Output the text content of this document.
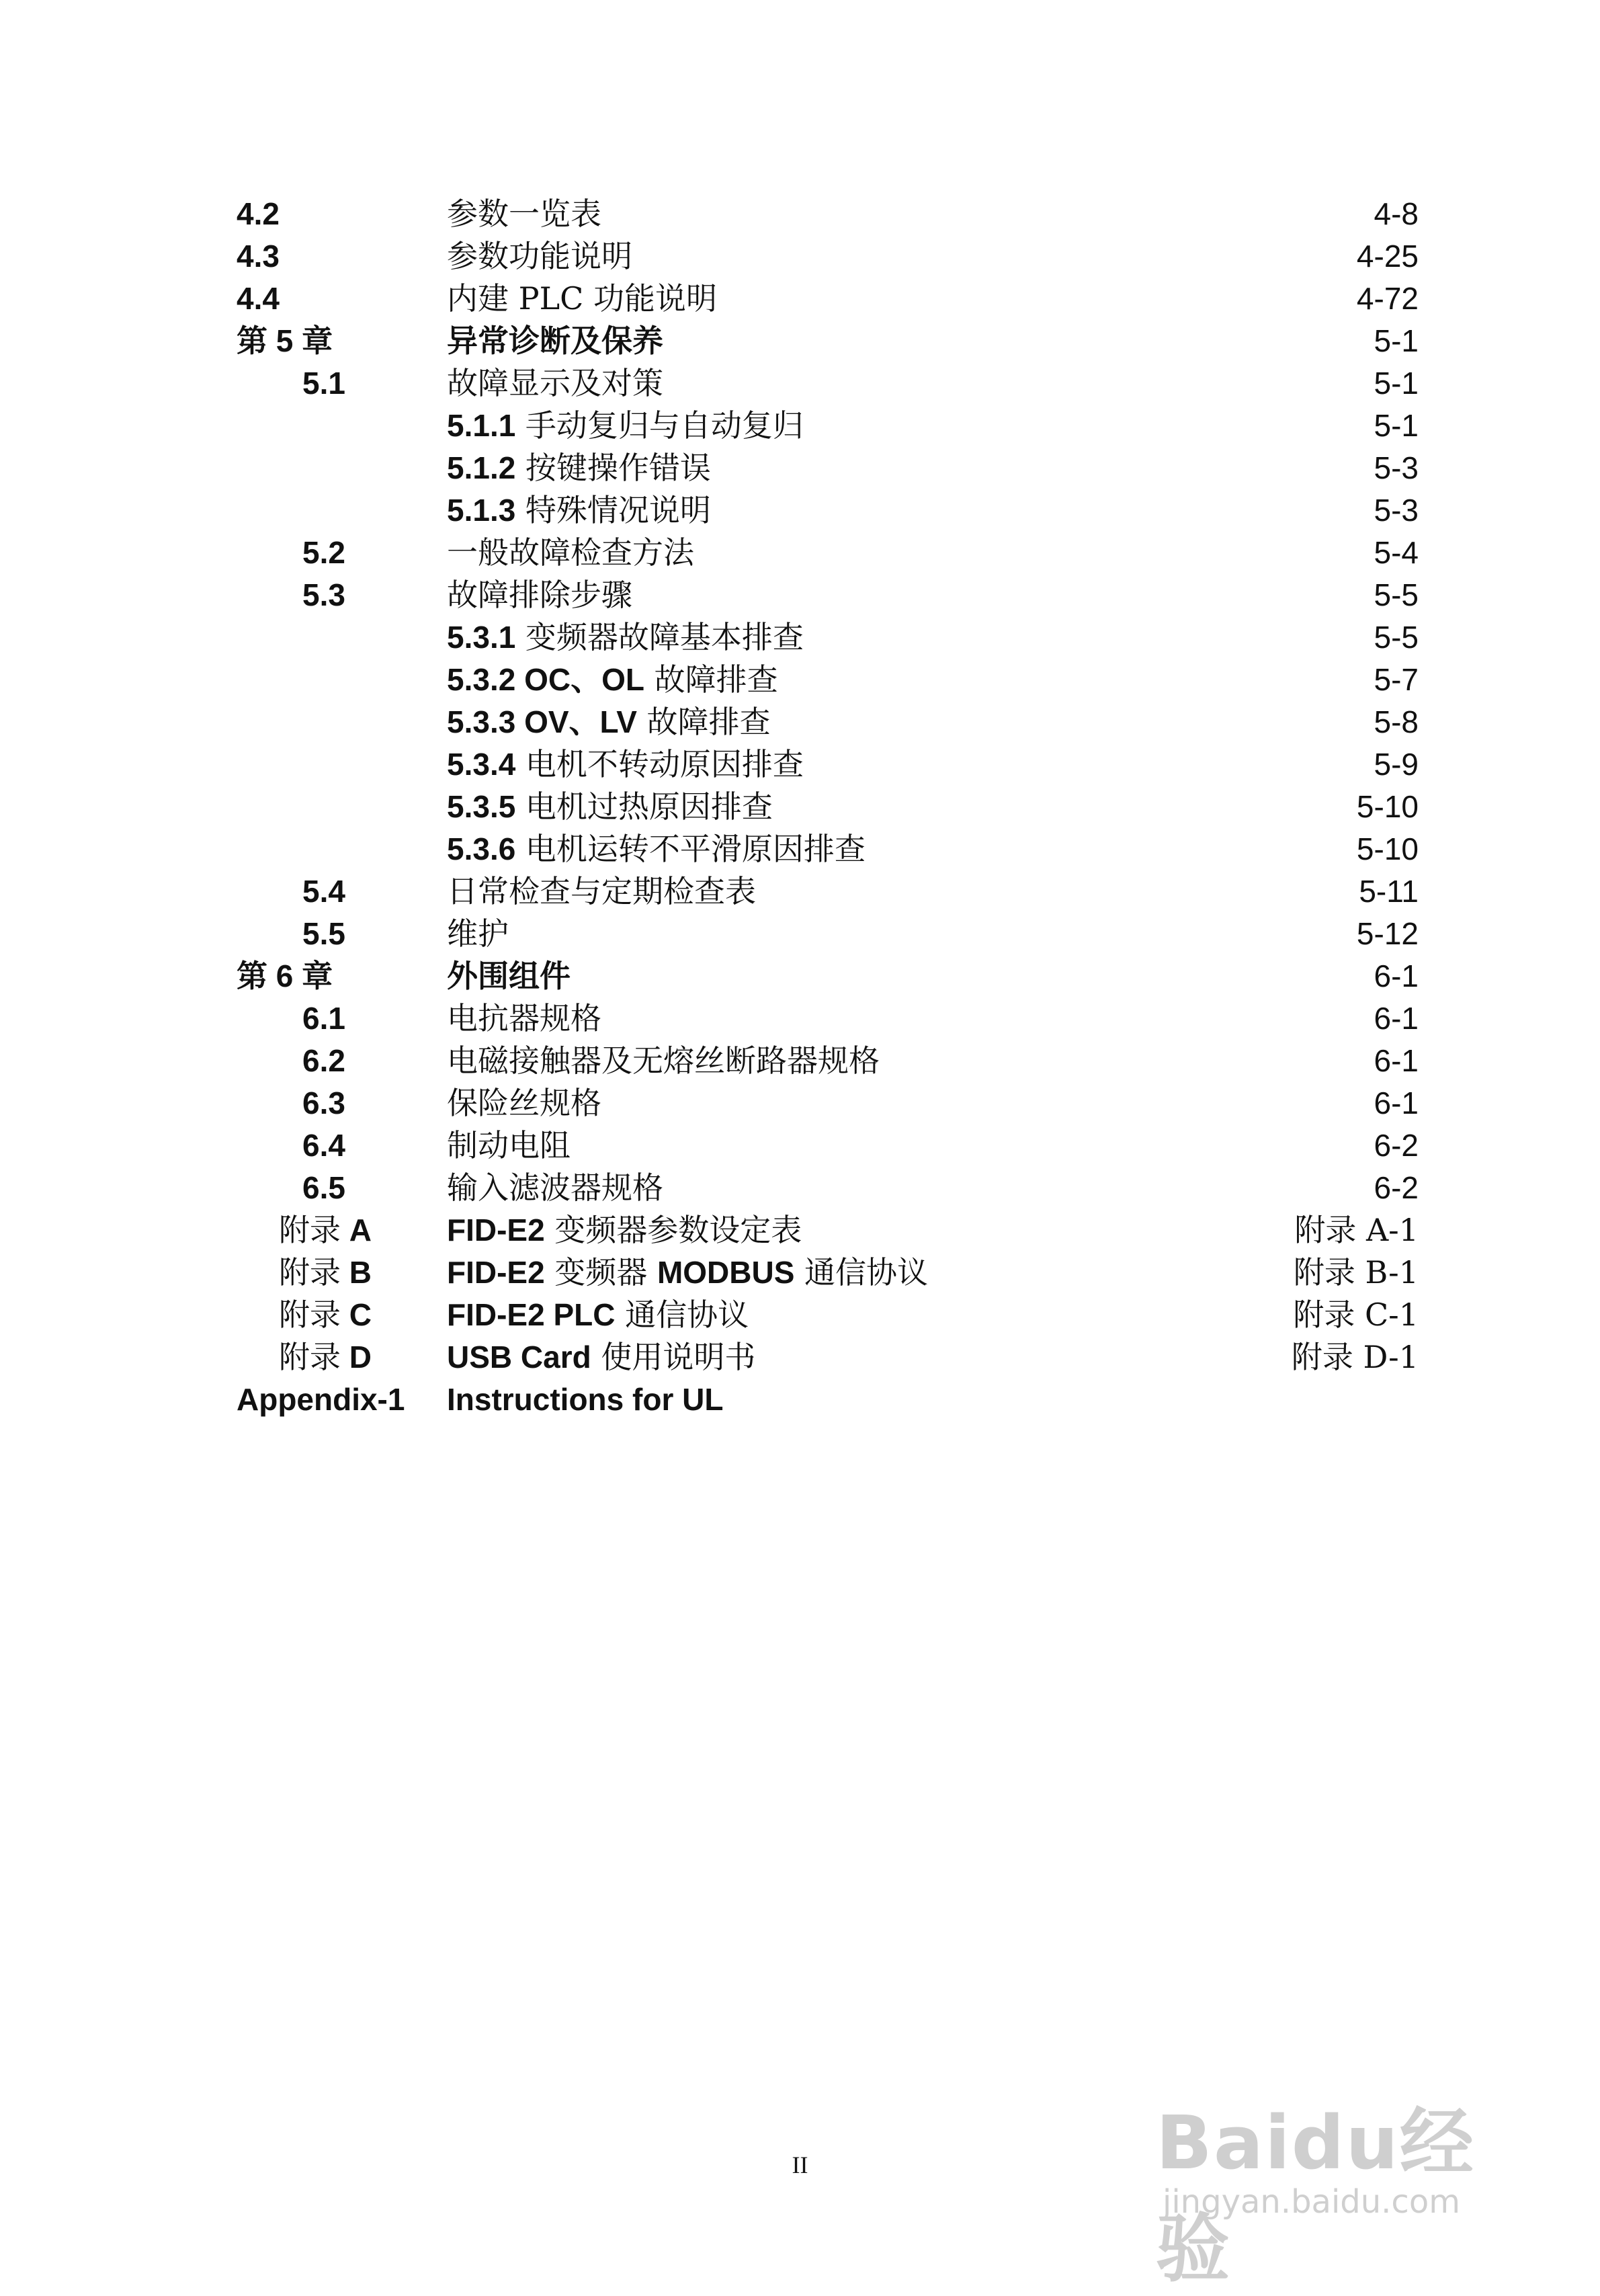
4.2	参数一览表	4-8
4.3	参数功能说明	4-25
4.4	内建 PLC 功能说明	4-72
第 5 章	异常诊断及保养	5-1
5.1	故障显示及对策	5-1
5.1.1 手动复归与自动复归	5-1
5.1.2 按键操作错误	5-3
5.1.3 特殊情况说明	5-3
5.2	一般故障检查方法	5-4
5.3	故障排除步骤	5-5
5.3.1 变频器故障基本排查	5-5
5.3.2 OC、OL 故障排查	5-7
5.3.3 OV、LV 故障排查	5-8
5.3.4 电机不转动原因排查	5-9
5.3.5 电机过热原因排查	5-10
5.3.6 电机运转不平滑原因排查	5-10
5.4	日常检查与定期检查表	5-11
5.5	维护	5-12
第 6 章	外围组件	6-1
6.1	电抗器规格	6-1
6.2	电磁接触器及无熔丝断路器规格	6-1
6.3	保险丝规格	6-1
6.4	制动电阻	6-2
6.5	输入滤波器规格	6-2
附录 A FID-E2 变频器参数设定表	附录 A-1
附录 B FID-E2 变频器 MODBUS 通信协议	附录 B-1
附录 C FID-E2 PLC 通信协议	附录 C-1
附录 D USB Card 使用说明书	附录 D-1
Appendix-1 Instructions for UL
II	Baidu经验
jingyan.baidu.com
